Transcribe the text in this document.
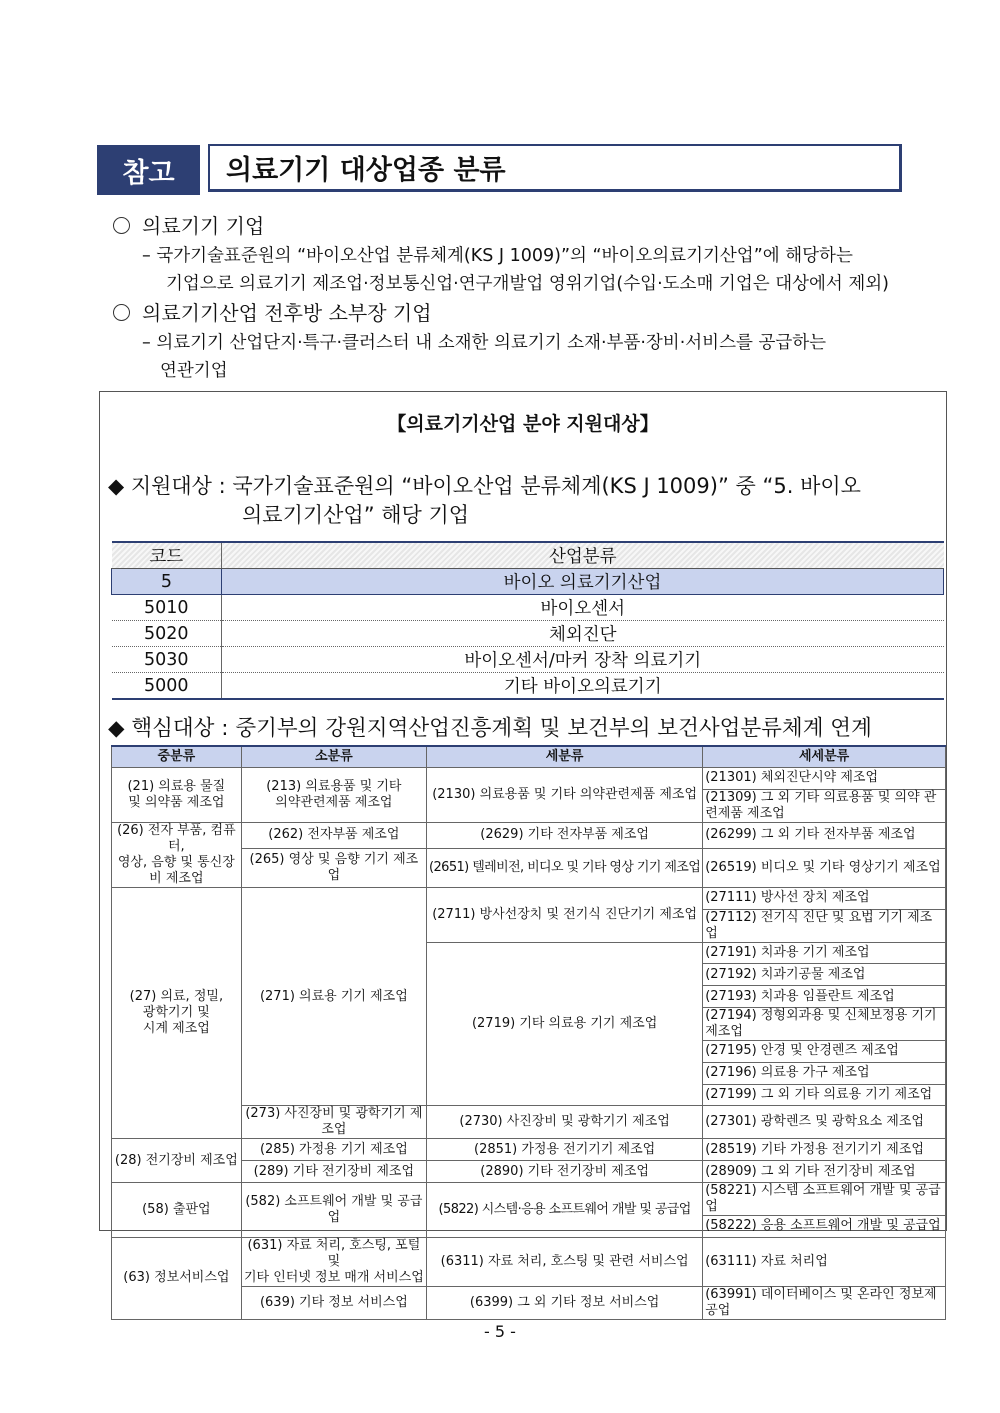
참고	의료기기 대상업종 분류
의료기기 기업
– 국가기술표준원의 “바이오산업 분류체계(KS J 1009)”의 “바이오의료기기산업”에 해당하는
기업으로 의료기기 제조업·정보통신업·연구개발업 영위기업(수입·도소매 기업은 대상에서 제외)
의료기기산업 전후방 소부장 기업
– 의료기기 산업단지·특구·클러스터 내 소재한 의료기기 소재·부품·장비·서비스를 공급하는
연관기업
【의료기기산업 분야 지원대상】
◆ 지원대상 : 국가기술표준원의 “바이오산업 분류체계(KS J 1009)” 중 “5. 바이오
의료기기산업” 해당 기업
코드	산업분류
5	바이오 의료기기산업
5010	바이오센서
5020	체외진단
5030	바이오센서/마커 장착 의료기기
5000	기타 바이오의료기기
◆ 핵심대상 : 중기부의 강원지역산업진흥계획 및 보건부의 보건사업분류체계 연계
중분류	소분류	세분류	세세분류
(21) 의료용 물질
및 의약품 제조업	(213) 의료용품 및 기타
의약관련제품 제조업	(2130) 의료용품 및 기타 의약관련제품 제조업	(21301) 체외진단시약 제조업
			(21309) 그 외 기타 의료용품 및 의약 관련제품 제조업
(26) 전자 부품, 컴퓨터,
영상, 음향 및 통신장비 제조업	(262) 전자부품 제조업	(2629) 기타 전자부품 제조업	(26299) 그 외 기타 전자부품 제조업
	(265) 영상 및 음향 기기 제조업	(2651) 텔레비전, 비디오 및 기타 영상 기기 제조업	(26519) 비디오 및 기타 영상기기 제조업
(27) 의료, 정밀,
광학기기 및
시계 제조업	(271) 의료용 기기 제조업	(2711) 방사선장치 및 전기식 진단기기 제조업	(27111) 방사선 장치 제조업
			(27112) 전기식 진단 및 요법 기기 제조업
		(2719) 기타 의료용 기기 제조업	(27191) 치과용 기기 제조업
			(27192) 치과기공물 제조업
			(27193) 치과용 임플란트 제조업
			(27194) 정형외과용 및 신체보정용 기기 제조업
			(27195) 안경 및 안경렌즈 제조업
			(27196) 의료용 가구 제조업
			(27199) 그 외 기타 의료용 기기 제조업
	(273) 사진장비 및 광학기기 제조업	(2730) 사진장비 및 광학기기 제조업	(27301) 광학렌즈 및 광학요소 제조업
(28) 전기장비 제조업	(285) 가정용 기기 제조업	(2851) 가정용 전기기기 제조업	(28519) 기타 가정용 전기기기 제조업
	(289) 기타 전기장비 제조업	(2890) 기타 전기장비 제조업	(28909) 그 외 기타 전기장비 제조업
(58) 출판업	(582) 소프트웨어 개발 및 공급업	(5822) 시스템·응용 소프트웨어 개발 및 공급업	(58221) 시스템 소프트웨어 개발 및 공급업
			(58222) 응용 소프트웨어 개발 및 공급업
(63) 정보서비스업	(631) 자료 처리, 호스팅, 포털 및
기타 인터넷 정보 매개 서비스업	(6311) 자료 처리, 호스팅 및 관련 서비스업	(63111) 자료 처리업
	(639) 기타 정보 서비스업	(6399) 그 외 기타 정보 서비스업	(63991) 데이터베이스 및 온라인 정보제공업
- 5 -
